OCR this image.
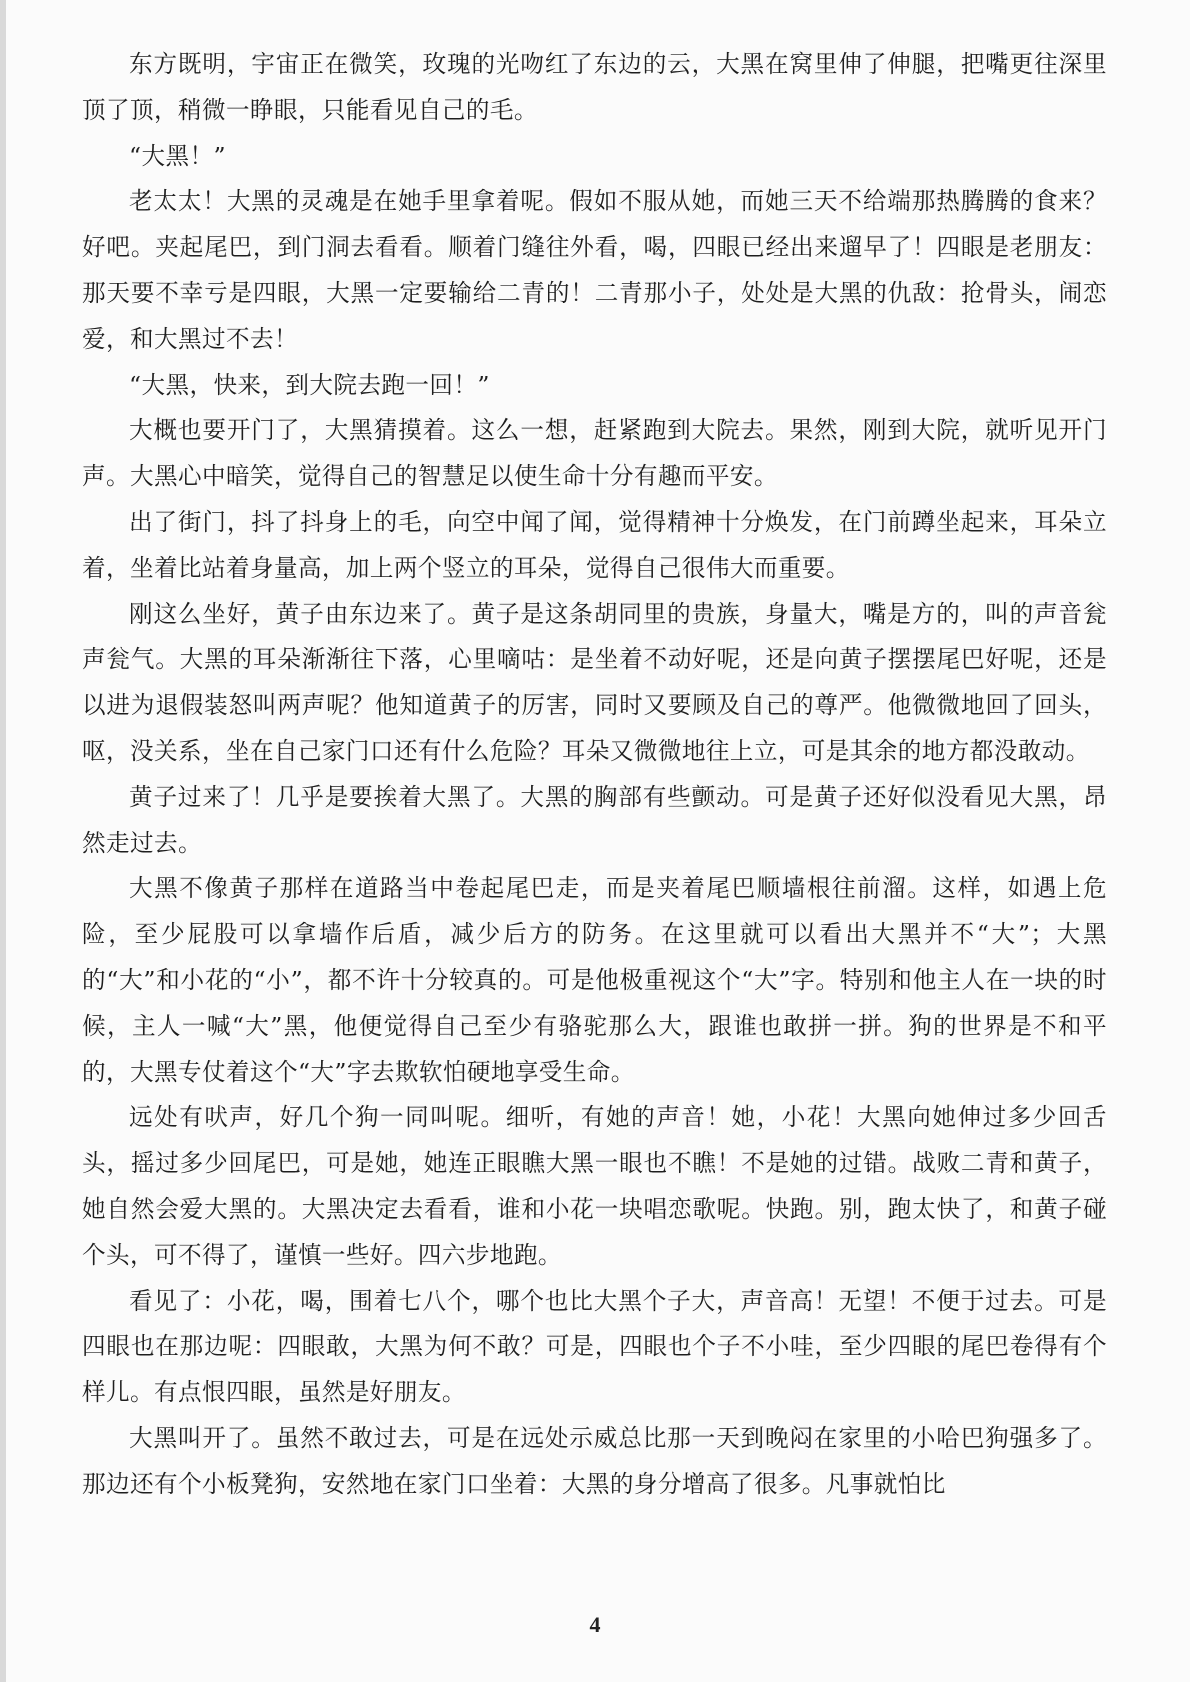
东方既明，宇宙正在微笑，玫瑰的光吻红了东边的云，大黑在窝里伸了伸腿，把嘴更往深里顶了顶，稍微一睁眼，只能看见自己的毛。

“大黑！”

老太太！大黑的灵魂是在她手里拿着呢。假如不服从她，而她三天不给端那热腾腾的食来？好吧。夹起尾巴，到门洞去看看。顺着门缝往外看，喝，四眼已经出来遛早了！四眼是老朋友：那天要不幸亏是四眼，大黑一定要输给二青的！二青那小子，处处是大黑的仇敌：抢骨头，闹恋爱，和大黑过不去！

“大黑，快来，到大院去跑一回！”

大概也要开门了，大黑猜摸着。这么一想，赶紧跑到大院去。果然，刚到大院，就听见开门声。大黑心中暗笑，觉得自己的智慧足以使生命十分有趣而平安。

出了街门，抖了抖身上的毛，向空中闻了闻，觉得精神十分焕发，在门前蹲坐起来，耳朵立着，坐着比站着身量高，加上两个竖立的耳朵，觉得自己很伟大而重要。

刚这么坐好，黄子由东边来了。黄子是这条胡同里的贵族，身量大，嘴是方的，叫的声音瓮声瓮气。大黑的耳朵渐渐往下落，心里嘀咕：是坐着不动好呢，还是向黄子摆摆尾巴好呢，还是以进为退假装怒叫两声呢？他知道黄子的厉害，同时又要顾及自己的尊严。他微微地回了回头，呕，没关系，坐在自己家门口还有什么危险？耳朵又微微地往上立，可是其余的地方都没敢动。

黄子过来了！几乎是要挨着大黑了。大黑的胸部有些颤动。可是黄子还好似没看见大黑，昂然走过去。

大黑不像黄子那样在道路当中卷起尾巴走，而是夹着尾巴顺墙根往前溜。这样，如遇上危险，至少屁股可以拿墙作后盾，减少后方的防务。在这里就可以看出大黑并不“大”；大黑的“大”和小花的“小”，都不许十分较真的。可是他极重视这个“大”字。特别和他主人在一块的时候，主人一喊“大”黑，他便觉得自己至少有骆驼那么大，跟谁也敢拼一拼。狗的世界是不和平的，大黑专仗着这个“大”字去欺软怕硬地享受生命。

远处有吠声，好几个狗一同叫呢。细听，有她的声音！她，小花！大黑向她伸过多少回舌头，摇过多少回尾巴，可是她，她连正眼瞧大黑一眼也不瞧！不是她的过错。战败二青和黄子，她自然会爱大黑的。大黑决定去看看，谁和小花一块唱恋歌呢。快跑。别，跑太快了，和黄子碰个头，可不得了，谨慎一些好。四六步地跑。

看见了：小花，喝，围着七八个，哪个也比大黑个子大，声音高！无望！不便于过去。可是四眼也在那边呢：四眼敢，大黑为何不敢？可是，四眼也个子不小哇，至少四眼的尾巴卷得有个样儿。有点恨四眼，虽然是好朋友。

大黑叫开了。虽然不敢过去，可是在远处示威总比那一天到晚闷在家里的小哈巴狗强多了。那边还有个小板凳狗，安然地在家门口坐着：大黑的身分增高了很多。凡事就怕比

4
